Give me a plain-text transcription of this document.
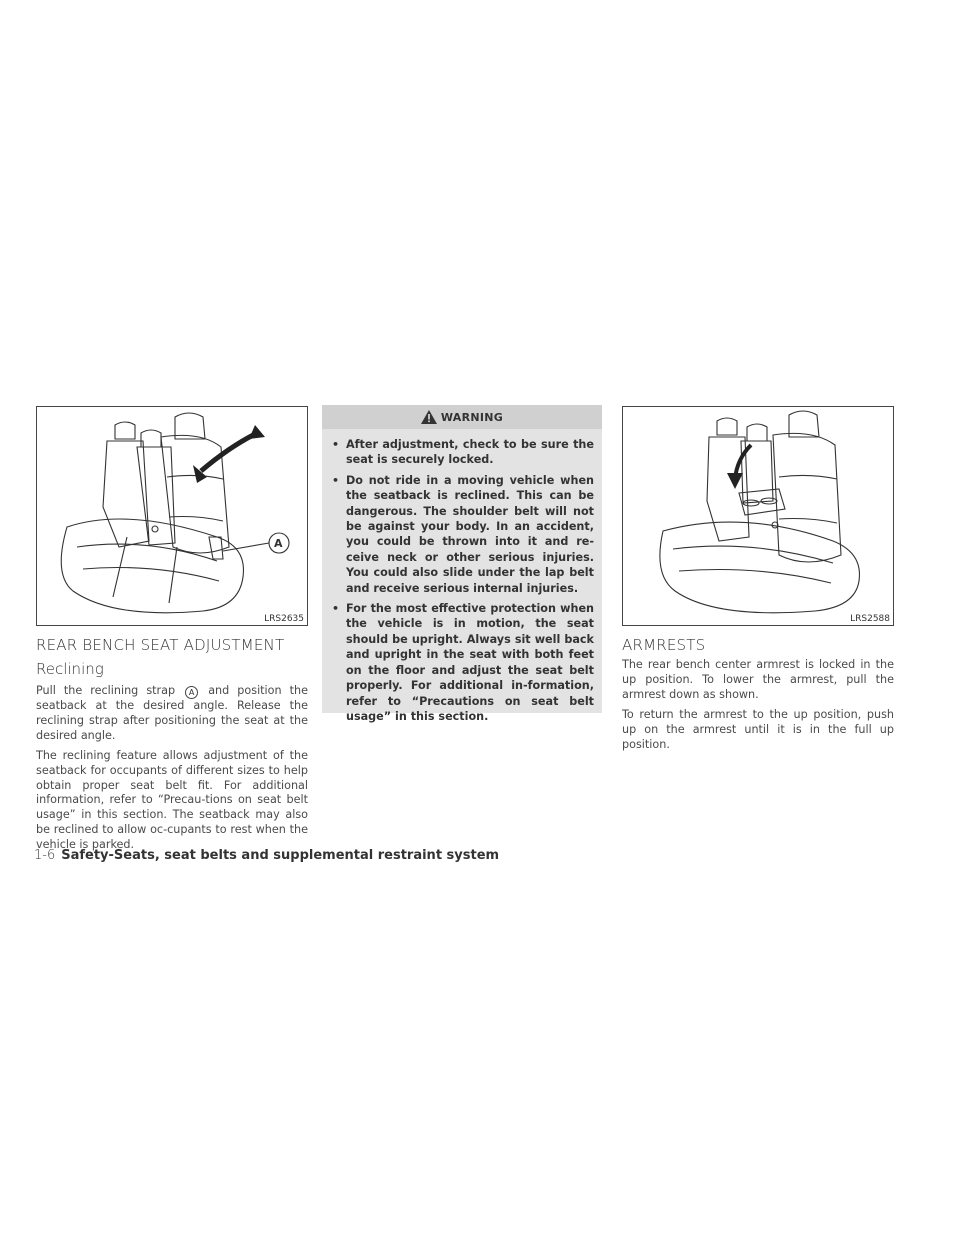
A
LRS2635
REAR BENCH SEAT ADJUSTMENT
Reclining

Pull the reclining strap A and position the seatback at the desired angle. Release the reclining strap after positioning the seat at the desired angle.

The reclining feature allows adjustment of the seatback for occupants of different sizes to help obtain proper seat belt fit. For additional information, refer to “Precau-tions on seat belt usage” in this section. The seatback may also be reclined to allow oc-cupants to rest when the vehicle is parked.

WARNING
• After adjustment, check to be sure the seat is securely locked.
• Do not ride in a moving vehicle when the seatback is reclined. This can be dangerous. The shoulder belt will not be against your body. In an accident, you could be thrown into it and re-ceive neck or other serious injuries. You could also slide under the lap belt and receive serious internal injuries.
• For the most effective protection when the vehicle is in motion, the seat should be upright. Always sit well back and upright in the seat with both feet on the floor and adjust the seat belt properly. For additional in-formation, refer to “Precautions on seat belt usage” in this section.
LRS2588
ARMRESTS

The rear bench center armrest is locked in the up position. To lower the armrest, pull the armrest down as shown.

To return the armrest to the up position, push up on the armrest until it is in the full up position.

1-6 Safety-Seats, seat belts and supplemental restraint system
